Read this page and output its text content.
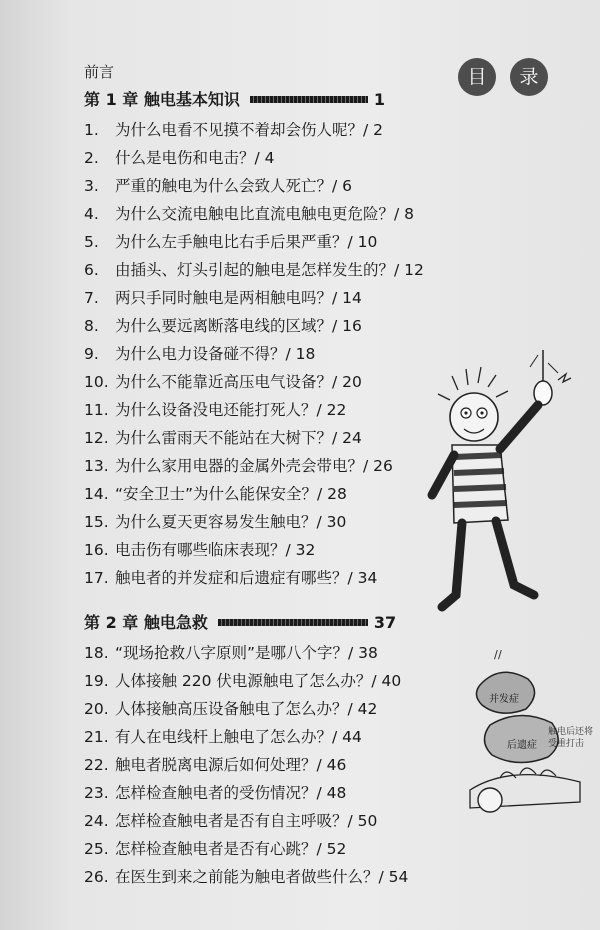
目	录
前言
第 1 章 触电基本知识	1
1. 为什么电看不见摸不着却会伤人呢？/ 2
2. 什么是电伤和电击？/ 4
3. 严重的触电为什么会致人死亡？/ 6
4. 为什么交流电触电比直流电触电更危险？/ 8
5. 为什么左手触电比右手后果严重？/ 10
6. 由插头、灯头引起的触电是怎样发生的？/ 12
7. 两只手同时触电是两相触电吗？/ 14
8. 为什么要远离断落电线的区域？/ 16
9. 为什么电力设备碰不得？/ 18
10. 为什么不能靠近高压电气设备？/ 20
11. 为什么设备没电还能打死人？/ 22
12. 为什么雷雨天不能站在大树下？/ 24
13. 为什么家用电器的金属外壳会带电？/ 26
14. “安全卫士”为什么能保安全？/ 28
15. 为什么夏天更容易发生触电？/ 30
16. 电击伤有哪些临床表现？/ 32
17. 触电者的并发症和后遗症有哪些？/ 34
第 2 章 触电急救	37
18. “现场抢救八字原则”是哪八个字？/ 38
19. 人体接触 220 伏电源触电了怎么办？/ 40
20. 人体接触高压设备触电了怎么办？/ 42
21. 有人在电线杆上触电了怎么办？/ 44
22. 触电者脱离电源后如何处理？/ 46
23. 怎样检查触电者的受伤情况？/ 48
24. 怎样检查触电者是否有自主呼吸？/ 50
25. 怎样检查触电者是否有心跳？/ 52
26. 在医生到来之前能为触电者做些什么？/ 54
//
并发症
后遗症
触电后还将受重打击
